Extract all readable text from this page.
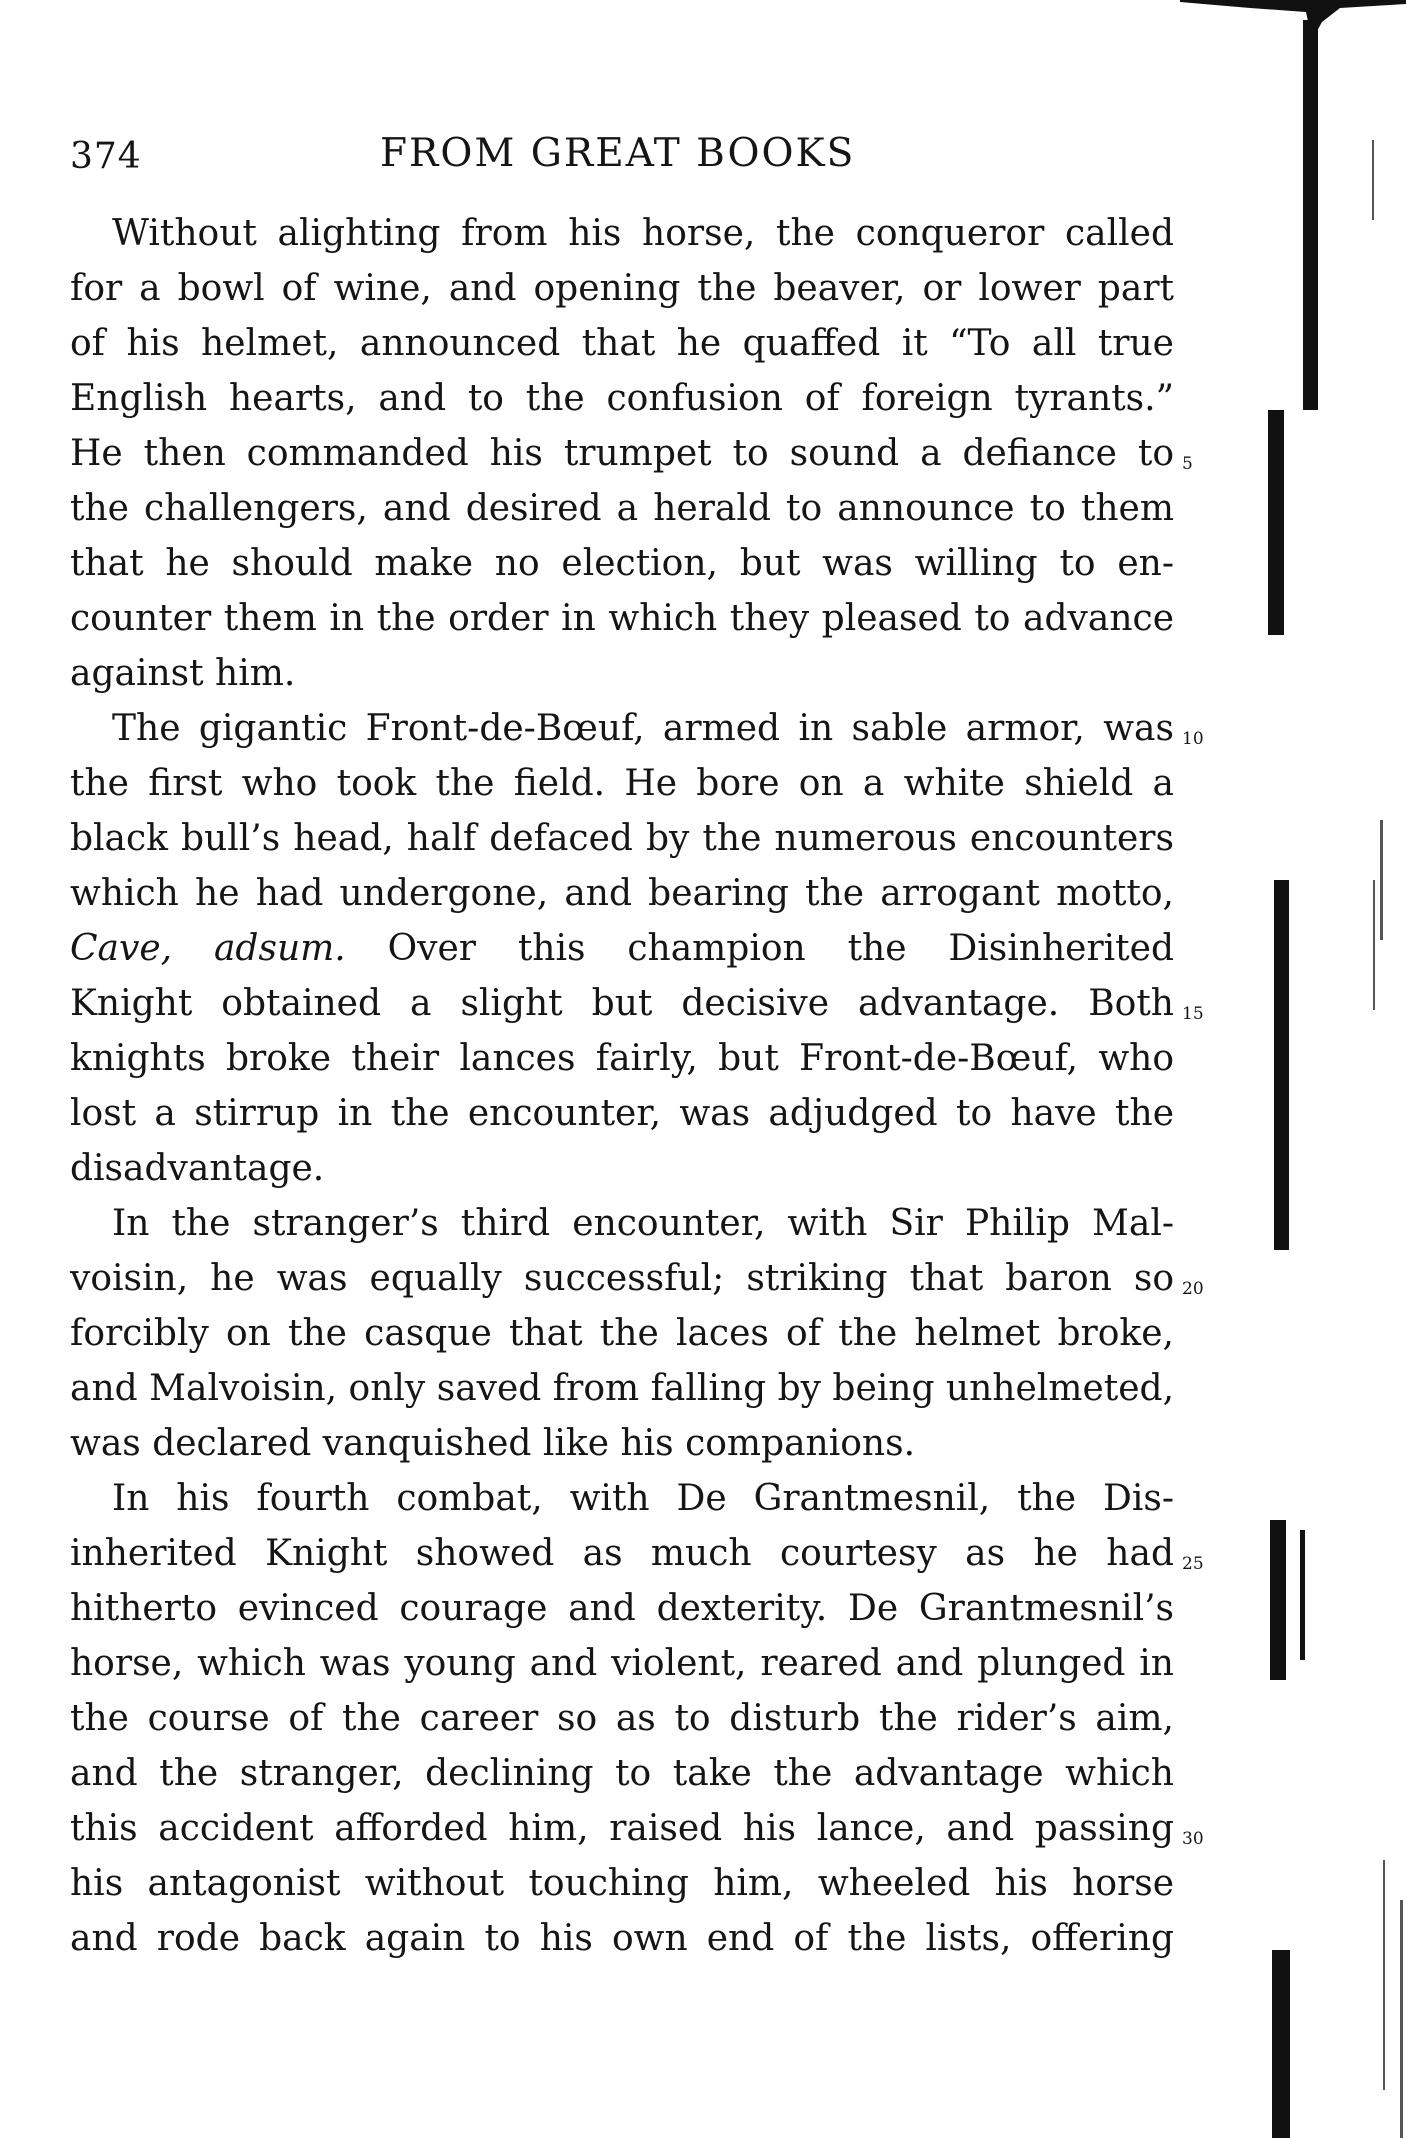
374	FROM GREAT BOOKS
Without alighting from his horse, the conqueror called
for a bowl of wine, and opening the beaver, or lower part
of his helmet, announced that he quaffed it “To all true
English hearts, and to the confusion of foreign tyrants.”
He then commanded his trumpet to sound a defiance to
the challengers, and desired a herald to announce to them
that he should make no election, but was willing to en-
counter them in the order in which they pleased to advance
against him.
The gigantic Front-de-Bœuf, armed in sable armor, was
the first who took the field. He bore on a white shield a
black bull’s head, half defaced by the numerous encounters
which he had undergone, and bearing the arrogant motto,
Cave, adsum. Over this champion the Disinherited
Knight obtained a slight but decisive advantage. Both
knights broke their lances fairly, but Front-de-Bœuf, who
lost a stirrup in the encounter, was adjudged to have the
disadvantage.
In the stranger’s third encounter, with Sir Philip Mal-
voisin, he was equally successful; striking that baron so
forcibly on the casque that the laces of the helmet broke,
and Malvoisin, only saved from falling by being unhelmeted,
was declared vanquished like his companions.
In his fourth combat, with De Grantmesnil, the Dis-
inherited Knight showed as much courtesy as he had
hitherto evinced courage and dexterity. De Grantmesnil’s
horse, which was young and violent, reared and plunged in
the course of the career so as to disturb the rider’s aim,
and the stranger, declining to take the advantage which
this accident afforded him, raised his lance, and passing
his antagonist without touching him, wheeled his horse
and rode back again to his own end of the lists, offering
5
10
15
20
25
30
